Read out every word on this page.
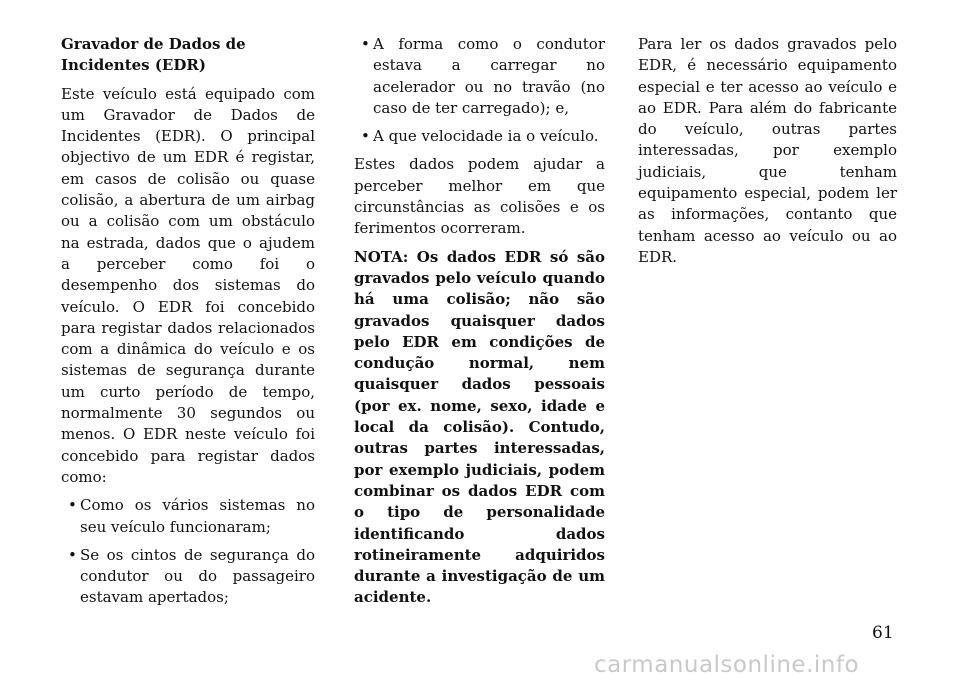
Gravador de Dados de Incidentes (EDR)

Este veículo está equipado com um Gravador de Dados de Incidentes (EDR). O principal objectivo de um EDR é registar, em casos de colisão ou quase colisão, a abertura de um airbag ou a colisão com um obstáculo na estrada, dados que o ajudem a perceber como foi o desempenho dos sistemas do veículo. O EDR foi concebido para registar dados relacionados com a dinâmica do veículo e os sistemas de segurança durante um curto período de tempo, normalmente 30 segundos ou menos. O EDR neste veículo foi concebido para registar dados como:

• Como os vários sistemas no seu veículo funcionaram;
• Se os cintos de segurança do condutor ou do passageiro estavam apertados;
• A forma como o condutor estava a carregar no acelerador ou no travão (no caso de ter carregado); e,
• A que velocidade ia o veículo.

Estes dados podem ajudar a perceber melhor em que circunstâncias as colisões e os ferimentos ocorreram.

NOTA: Os dados EDR só são gravados pelo veículo quando há uma colisão; não são gravados quaisquer dados pelo EDR em condições de condução normal, nem quaisquer dados pessoais (por ex. nome, sexo, idade e local da colisão). Contudo, outras partes interessadas, por exemplo judiciais, podem combinar os dados EDR com o tipo de personalidade identificando dados rotineiramente adquiridos durante a investigação de um acidente.

Para ler os dados gravados pelo EDR, é necessário equipamento especial e ter acesso ao veículo e ao EDR. Para além do fabricante do veículo, outras partes interessadas, por exemplo judiciais, que tenham equipamento especial, podem ler as informações, contanto que tenham acesso ao veículo ou ao EDR.

61
carmanualsonline.info
